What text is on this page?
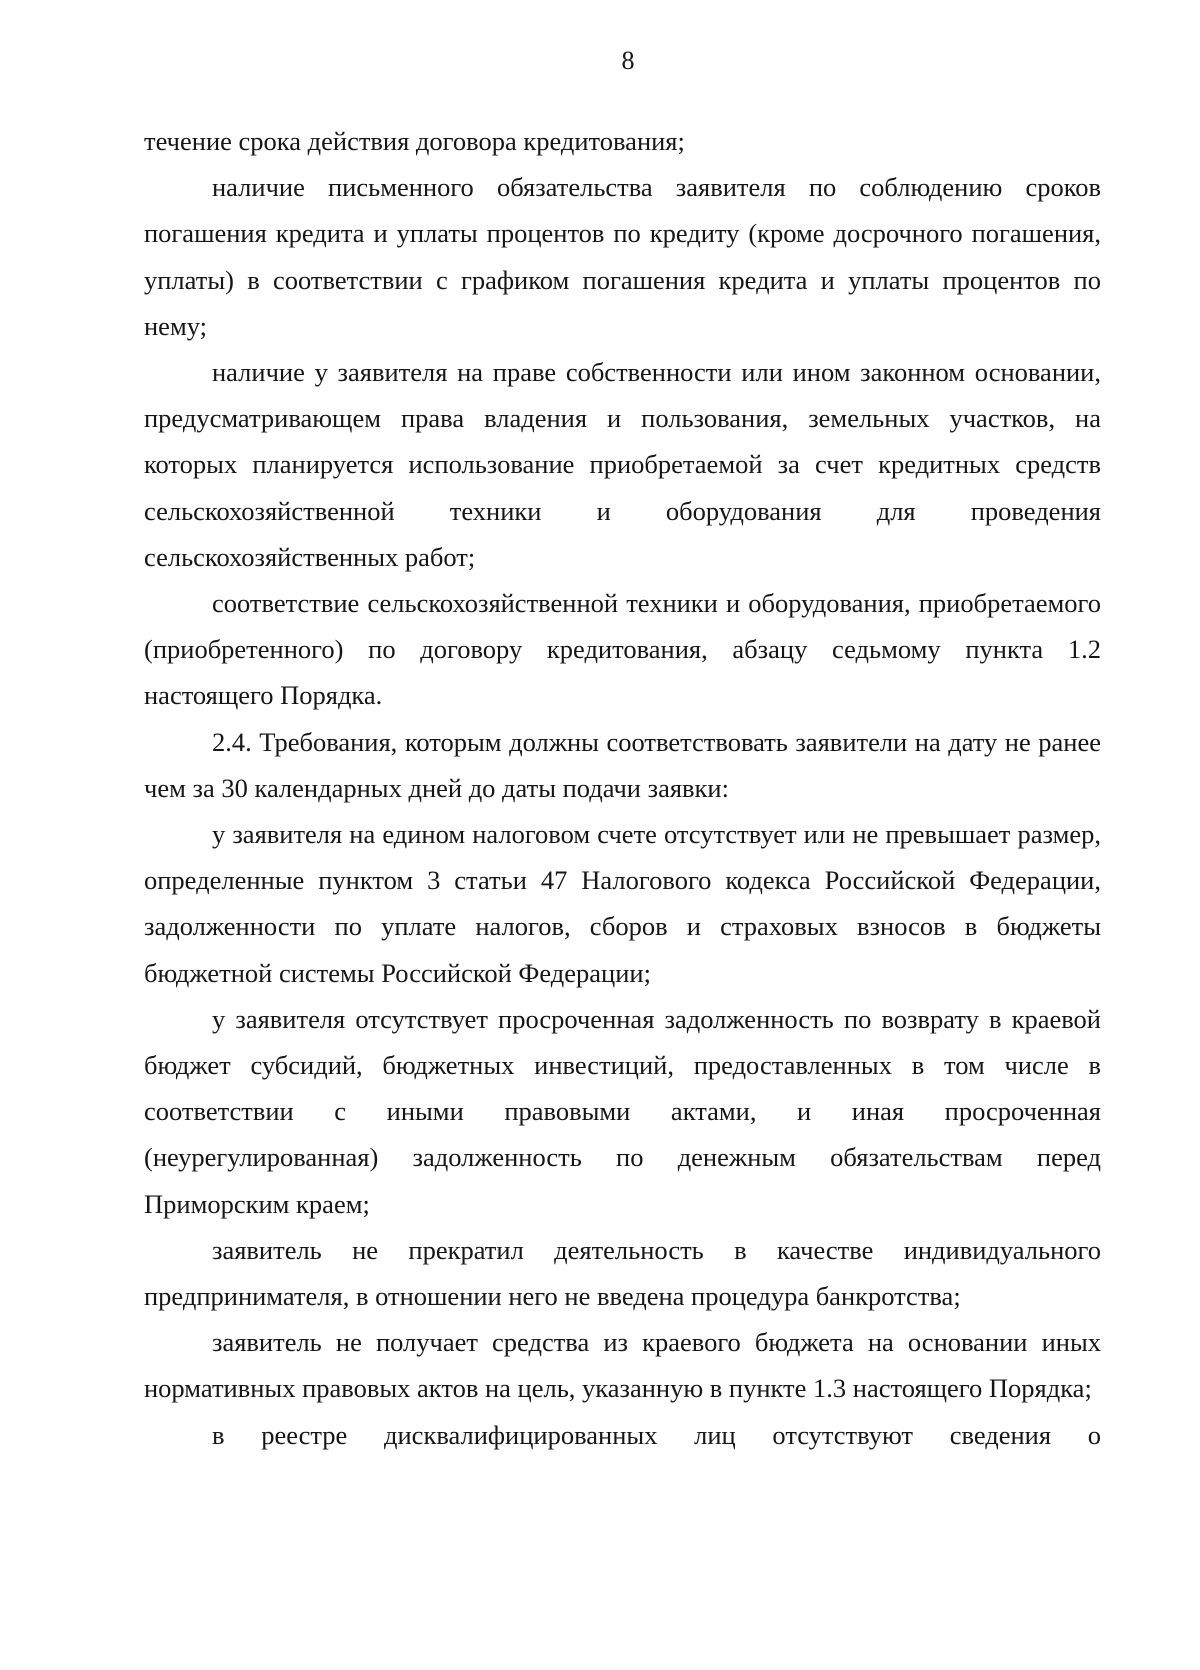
8

течение срока действия договора кредитования;

наличие письменного обязательства заявителя по соблюдению сроков погашения кредита и уплаты процентов по кредиту (кроме досрочного погашения, уплаты) в соответствии с графиком погашения кредита и уплаты процентов по нему;

наличие у заявителя на праве собственности или ином законном основании, предусматривающем права владения и пользования, земельных участков, на которых планируется использование приобретаемой за счет кредитных средств сельскохозяйственной техники и оборудования для проведения сельскохозяйственных работ;

соответствие сельскохозяйственной техники и оборудования, приобретаемого (приобретенного) по договору кредитования, абзацу седьмому пункта 1.2 настоящего Порядка.

2.4. Требования, которым должны соответствовать заявители на дату не ранее чем за 30 календарных дней до даты подачи заявки:

у заявителя на едином налоговом счете отсутствует или не превышает размер, определенные пунктом 3 статьи 47 Налогового кодекса Российской Федерации, задолженности по уплате налогов, сборов и страховых взносов в бюджеты бюджетной системы Российской Федерации;

у заявителя отсутствует просроченная задолженность по возврату в краевой бюджет субсидий, бюджетных инвестиций, предоставленных в том числе в соответствии с иными правовыми актами, и иная просроченная (неурегулированная) задолженность по денежным обязательствам перед Приморским краем;

заявитель не прекратил деятельность в качестве индивидуального предпринимателя, в отношении него не введена процедура банкротства;

заявитель не получает средства из краевого бюджета на основании иных нормативных правовых актов на цель, указанную в пункте 1.3 настоящего Порядка;

в реестре дисквалифицированных лиц отсутствуют сведения о
